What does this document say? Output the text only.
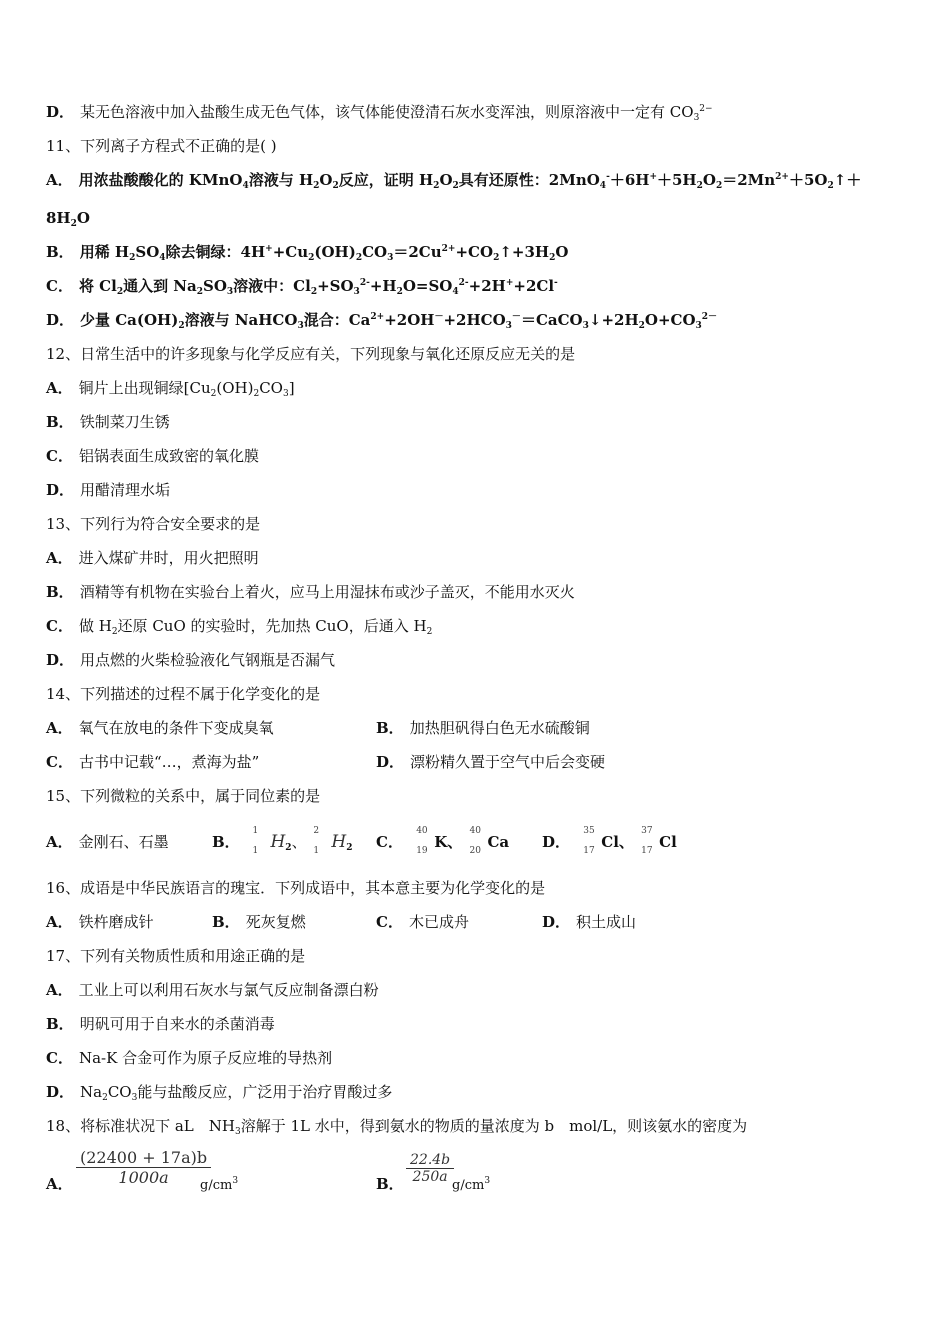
D． 某无色溶液中加入盐酸生成无色气体，该气体能使澄清石灰水变浑浊，则原溶液中一定有 $CO_3^{2-}$
11、下列离子方程式不正确的是( )
A． 用浓盐酸酸化的 KMnO$_4$溶液与 $H_2O_2$反应，证明 $H_2O_2$具有还原性：$2MnO_4^-+6H^++5H_2O_2=2Mn^{2+}+5O_2↑+$
$8H_2O$
B． 用稀 $H_2SO_4$除去铜绿：$4H^++Cu_2(OH)_2CO_3=2Cu^{2+}+CO_2↑+3H_2O$
C． 将 $Cl_2$通入到 $Na_2SO_3$溶液中：$Cl_2+SO_3^{2-}+H_2O=SO_4^{2-}+2H^++2Cl^-$
D． 少量 $Ca(OH)_2$溶液与 NaHCO$_3$混合：$Ca^{2+}+2OH^-+2HCO_3^-=CaCO_3↓+2H_2O+CO_3^{2-}$
12、日常生活中的许多现象与化学反应有关，下列现象与氧化还原反应无关的是
A． 铜片上出现铜绿$[Cu_2(OH)_2CO_3]$
B． 铁制菜刀生锈
C． 铝锅表面生成致密的氧化膜
D． 用醋清理水垢
13、下列行为符合安全要求的是
A． 进入煤矿井时，用火把照明
B． 酒精等有机物在实验台上着火，应马上用湿抹布或沙子盖灭，不能用水灭火
C． 做 $H_2$还原 CuO 的实验时，先加热 CuO，后通入 $H_2$
D． 用点燃的火柴检验液化气钢瓶是否漏气
14、下列描述的过程不属于化学变化的是
A． 氧气在放电的条件下变成臭氧	B． 加热胆矾得白色无水硫酸铜
C． 古书中记载“…，煮海为盐”	D． 漂粉精久置于空气中后会变硬
15、下列微粒的关系中，属于同位素的是
A． 金刚石、石墨	B．
1
1 $H_2$、
2
1 $H_2$ C．
40
19 K、
40
20 Ca D．
35
17 Cl、
37
17 Cl
16、成语是中华民族语言的瑰宝．下列成语中，其本意主要为化学变化的是
A． 铁杵磨成针	B． 死灰复燃	C． 木已成舟	D． 积土成山
17、下列有关物质性质和用途正确的是
A． 工业上可以利用石灰水与氯气反应制备漂白粉
B． 明矾可用于自来水的杀菌消毒
C． Na-K 合金可作为原子反应堆的导热剂
D． $Na_2CO_3$能与盐酸反应，广泛用于治疗胃酸过多
18、将标准状况下 aL　$NH_3$溶解于 1L 水中，得到氨水的物质的量浓度为 b　mol/L，则该氨水的密度为
A．
(22400 + 17a)b
1000a	$g/cm^3$	B．
22.4b
250a
$g/cm^3$
